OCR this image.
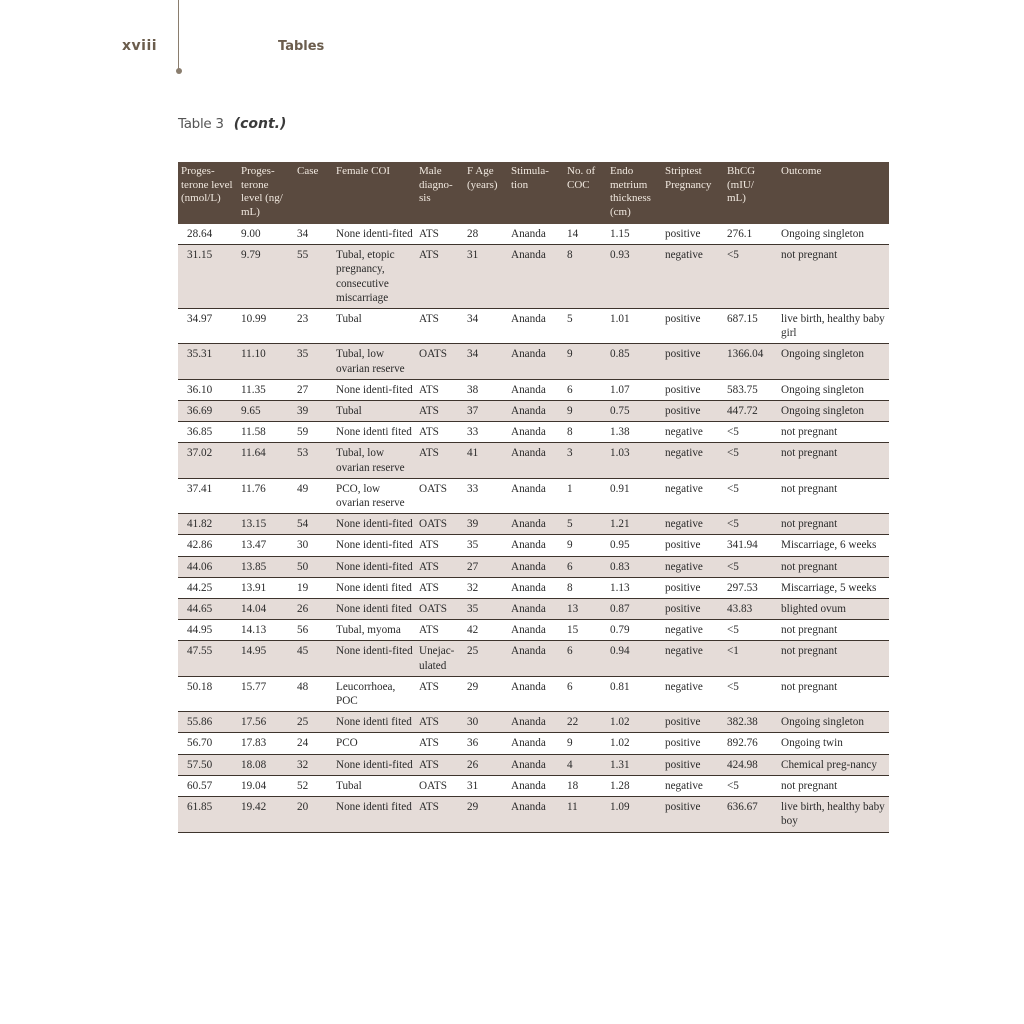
xviii	Tables
Table 3 (cont.)
Proges-terone level (nmol/L)	Proges-terone level (ng/ mL)	Case	Female COI	Male diagno-sis	F Age (years)	Stimula-tion	No. of COC	Endo metrium thickness (cm)	Striptest Pregnancy	BhCG (mIU/ mL)	Outcome
28.64	9.00	34	None identi-fited	ATS	28	Ananda	14	1.15	positive	276.1	Ongoing singleton
31.15	9.79	55	Tubal, etopic pregnancy, consecutive miscarriage	ATS	31	Ananda	8	0.93	negative	<5	not pregnant
34.97	10.99	23	Tubal	ATS	34	Ananda	5	1.01	positive	687.15	live birth, healthy baby girl
35.31	11.10	35	Tubal, low ovarian reserve	OATS	34	Ananda	9	0.85	positive	1366.04	Ongoing singleton
36.10	11.35	27	None identi-fited	ATS	38	Ananda	6	1.07	positive	583.75	Ongoing singleton
36.69	9.65	39	Tubal	ATS	37	Ananda	9	0.75	positive	447.72	Ongoing singleton
36.85	11.58	59	None identi fited	ATS	33	Ananda	8	1.38	negative	<5	not pregnant
37.02	11.64	53	Tubal, low ovarian reserve	ATS	41	Ananda	3	1.03	negative	<5	not pregnant
37.41	11.76	49	PCO, low ovarian reserve	OATS	33	Ananda	1	0.91	negative	<5	not pregnant
41.82	13.15	54	None identi-fited	OATS	39	Ananda	5	1.21	negative	<5	not pregnant
42.86	13.47	30	None identi-fited	ATS	35	Ananda	9	0.95	positive	341.94	Miscarriage, 6 weeks
44.06	13.85	50	None identi-fited	ATS	27	Ananda	6	0.83	negative	<5	not pregnant
44.25	13.91	19	None identi fited	ATS	32	Ananda	8	1.13	positive	297.53	Miscarriage, 5 weeks
44.65	14.04	26	None identi fited	OATS	35	Ananda	13	0.87	positive	43.83	blighted ovum
44.95	14.13	56	Tubal, myoma	ATS	42	Ananda	15	0.79	negative	<5	not pregnant
47.55	14.95	45	None identi-fited	Unejac-ulated	25	Ananda	6	0.94	negative	<1	not pregnant
50.18	15.77	48	Leucorrhoea, POC	ATS	29	Ananda	6	0.81	negative	<5	not pregnant
55.86	17.56	25	None identi fited	ATS	30	Ananda	22	1.02	positive	382.38	Ongoing singleton
56.70	17.83	24	PCO	ATS	36	Ananda	9	1.02	positive	892.76	Ongoing twin
57.50	18.08	32	None identi-fited	ATS	26	Ananda	4	1.31	positive	424.98	Chemical preg-nancy
60.57	19.04	52	Tubal	OATS	31	Ananda	18	1.28	negative	<5	not pregnant
61.85	19.42	20	None identi fited	ATS	29	Ananda	11	1.09	positive	636.67	live birth, healthy baby boy
